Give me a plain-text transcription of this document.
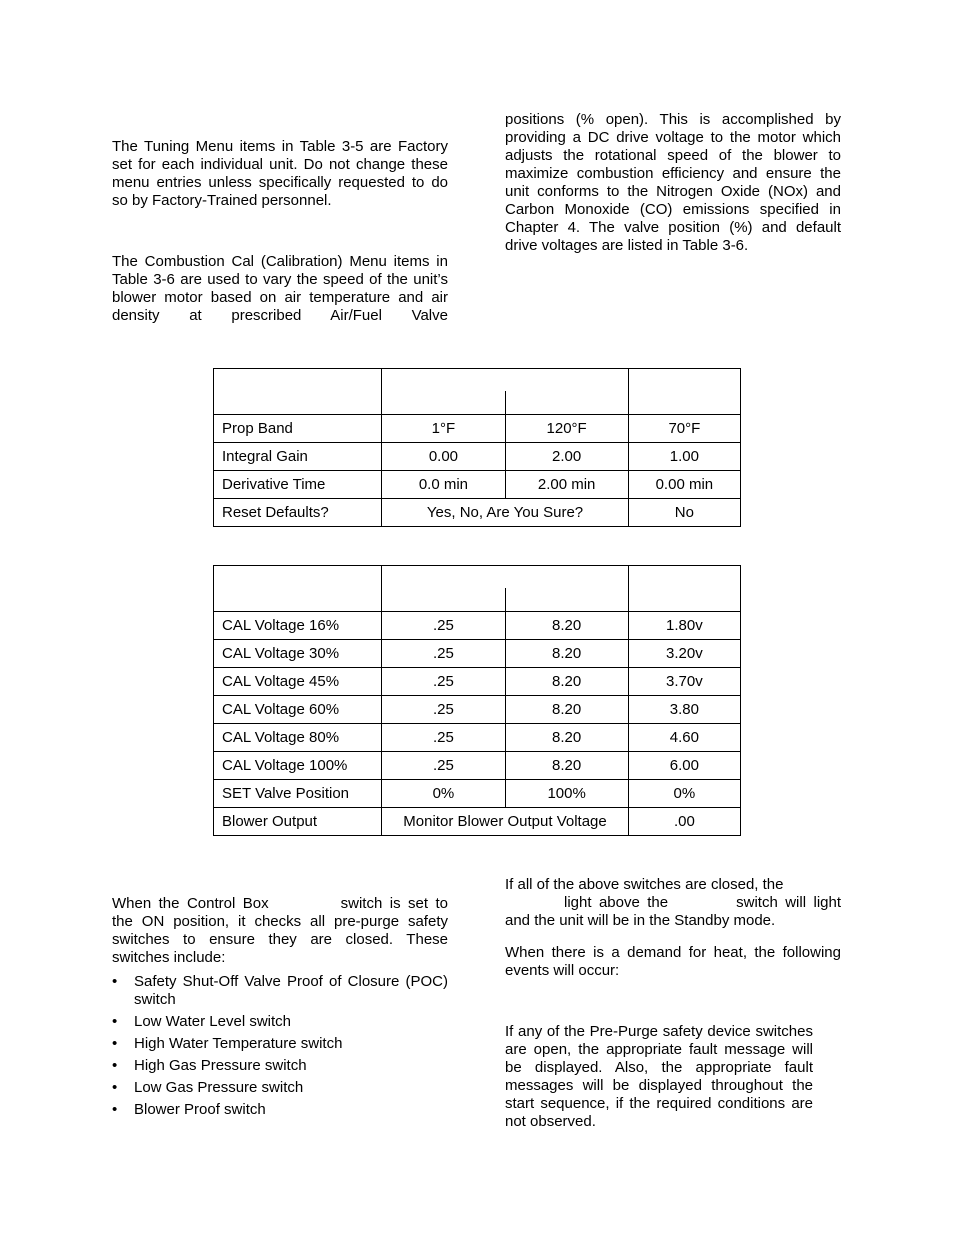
The Tuning Menu items in Table 3-5 are Factory set for each individual unit. Do not change these menu entries unless specifically requested to do so by Factory-Trained personnel.

The Combustion Cal (Calibration) Menu items in Table 3-6 are used to vary the speed of the unit’s blower motor based on air temperature and air density at prescribed Air/Fuel Valve

positions (% open). This is accomplished by providing a DC drive voltage to the motor which adjusts the rotational speed of the blower to maximize combustion efficiency and ensure the unit conforms to the Nitrogen Oxide (NOx) and Carbon Monoxide (CO) emissions specified in Chapter 4. The valve position (%) and default drive voltages are listed in Table 3-6.

Prop Band	1°F	120°F	70°F
Integral Gain	0.00	2.00	1.00
Derivative Time	0.0 min	2.00 min	0.00 min
Reset Defaults?	Yes, No, Are You Sure?		No

CAL Voltage 16%	.25	8.20	1.80v
CAL Voltage 30%	.25	8.20	3.20v
CAL Voltage 45%	.25	8.20	3.70v
CAL Voltage 60%	.25	8.20	3.80
CAL Voltage 80%	.25	8.20	4.60
CAL Voltage 100%	.25	8.20	6.00
SET Valve Position	0%	100%	0%
Blower Output	Monitor Blower Output Voltage		.00

When the Control Box	switch is set to the ON position, it checks all pre-purge safety switches to ensure they are closed. These switches include:

• Safety Shut-Off Valve Proof of Closure (POC) switch
• Low Water Level switch
• High Water Temperature switch
• High Gas Pressure switch
• Low Gas Pressure switch
• Blower Proof switch

If all of the above switches are closed, the
light above the	switch will light and the unit will be in the Standby mode.

When there is a demand for heat, the following events will occur:

If any of the Pre-Purge safety device switches are open, the appropriate fault message will be displayed. Also, the appropriate fault messages will be displayed throughout the start sequence, if the required conditions are not observed.
